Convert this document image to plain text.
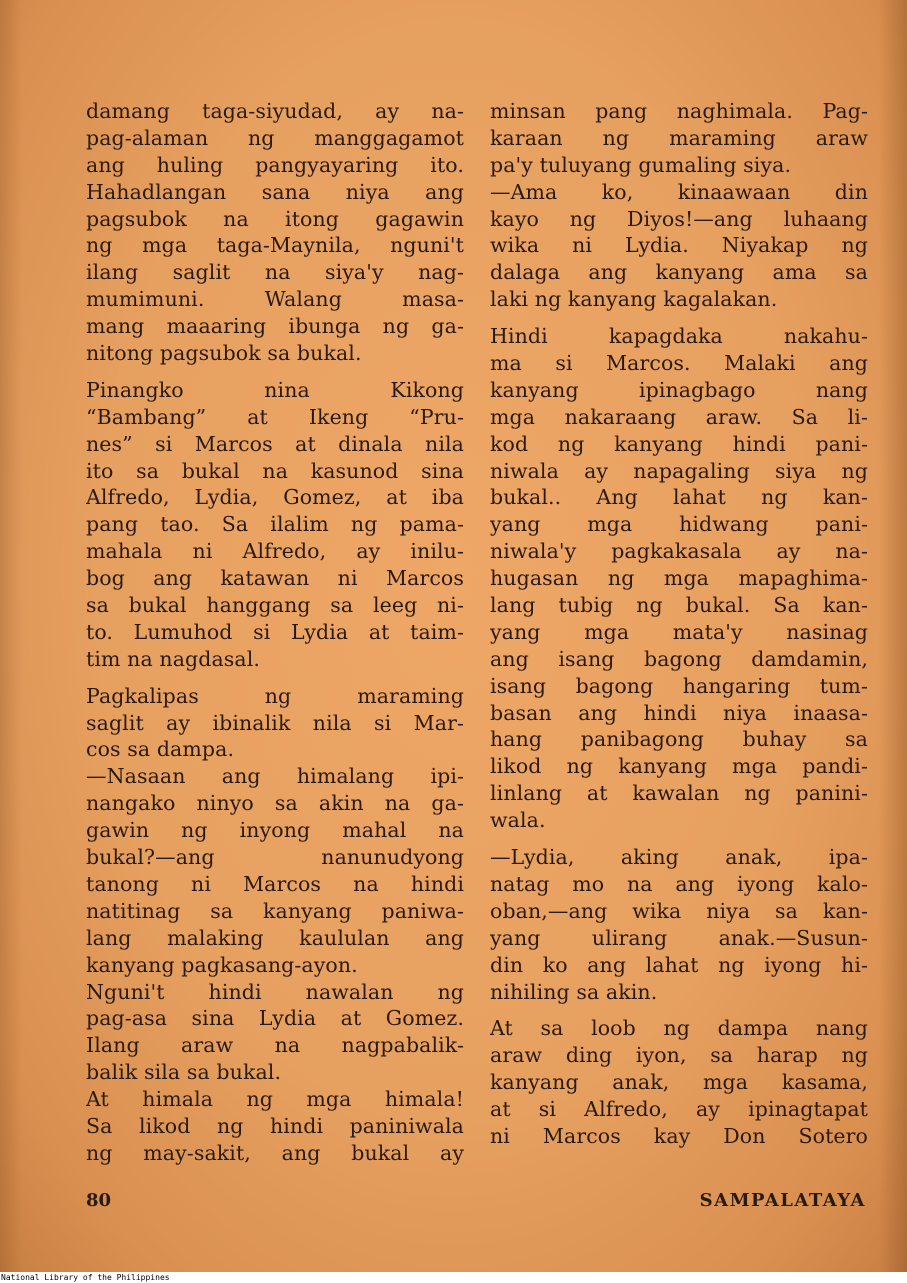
damang taga-siyudad, ay na-
pag-alaman ng manggagamot
ang huling pangyayaring ito.
Hahadlangan sana niya ang
pagsubok na itong gagawin
ng mga taga-Maynila, nguni't
ilang saglit na siya'y nag-
mumimuni. Walang masa-
mang maaaring ibunga ng ga-
nitong pagsubok sa bukal.
Pinangko nina Kikong
“Bambang” at Ikeng “Pru-
nes” si Marcos at dinala nila
ito sa bukal na kasunod sina
Alfredo, Lydia, Gomez, at iba
pang tao. Sa ilalim ng pama-
mahala ni Alfredo, ay inilu-
bog ang katawan ni Marcos
sa bukal hanggang sa leeg ni-
to. Lumuhod si Lydia at taim-
tim na nagdasal.
Pagkalipas ng maraming
saglit ay ibinalik nila si Mar-
cos sa dampa.
—Nasaan ang himalang ipi-
nangako ninyo sa akin na ga-
gawin ng inyong mahal na
bukal?—ang nanunudyong
tanong ni Marcos na hindi
natitinag sa kanyang paniwa-
lang malaking kaululan ang
kanyang pagkasang-ayon.
Nguni't hindi nawalan ng
pag-asa sina Lydia at Gomez.
Ilang araw na nagpabalik-
balik sila sa bukal.
At himala ng mga himala!
Sa likod ng hindi paniniwala
ng may-sakit, ang bukal ay
minsan pang naghimala. Pag-
karaan ng maraming araw
pa'y tuluyang gumaling siya.
—Ama ko, kinaawaan din
kayo ng Diyos!—ang luhaang
wika ni Lydia. Niyakap ng
dalaga ang kanyang ama sa
laki ng kanyang kagalakan.
Hindi kapagdaka nakahu-
ma si Marcos. Malaki ang
kanyang ipinagbago nang
mga nakaraang araw. Sa li-
kod ng kanyang hindi pani-
niwala ay napagaling siya ng
bukal.. Ang lahat ng kan-
yang mga hidwang pani-
niwala'y pagkakasala ay na-
hugasan ng mga mapaghima-
lang tubig ng bukal. Sa kan-
yang mga mata'y nasinag
ang isang bagong damdamin,
isang bagong hangaring tum-
basan ang hindi niya inaasa-
hang panibagong buhay sa
likod ng kanyang mga pandi-
linlang at kawalan ng panini-
wala.
—Lydia, aking anak, ipa-
natag mo na ang iyong kalo-
oban,—ang wika niya sa kan-
yang ulirang anak.—Susun-
din ko ang lahat ng iyong hi-
nihiling sa akin.
At sa loob ng dampa nang
araw ding iyon, sa harap ng
kanyang anak, mga kasama,
at si Alfredo, ay ipinagtapat
ni Marcos kay Don Sotero
80	SAMPALATAYA
National Library of the Philippines
